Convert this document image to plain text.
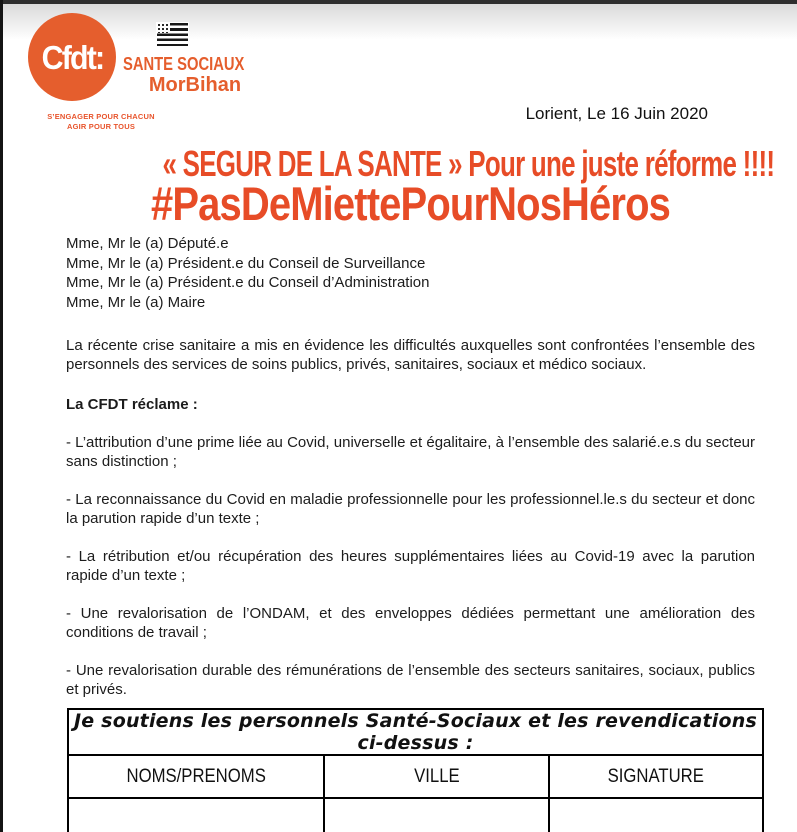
Cfdt: SANTE SOCIAUX
MorBihan
S’ENGAGER POUR CHACUN
AGIR POUR TOUS
Lorient, Le 16 Juin 2020
« SEGUR DE LA SANTE » Pour une juste réforme !!!!
#PasDeMiettePourNosHéros
Mme, Mr le (a) Député.e
Mme, Mr le (a) Président.e du Conseil de Surveillance
Mme, Mr le (a) Président.e du Conseil d’Administration
Mme, Mr le (a) Maire

La récente crise sanitaire a mis en évidence les difficultés auxquelles sont confrontées l’ensemble des personnels des services de soins publics, privés, sanitaires, sociaux et médico sociaux.

La CFDT réclame :

- L’attribution d’une prime liée au Covid, universelle et égalitaire, à l’ensemble des salarié.e.s du secteur sans distinction ;

- La reconnaissance du Covid en maladie professionnelle pour les professionnel.le.s du secteur et donc la parution rapide d’un texte ;

- La rétribution et/ou récupération des heures supplémentaires liées au Covid-19 avec la parution rapide d’un texte ;

- Une revalorisation de l’ONDAM, et des enveloppes dédiées permettant une amélioration des conditions de travail ;

- Une revalorisation durable des rémunérations de l’ensemble des secteurs sanitaires, sociaux, publics et privés.

Je soutiens les personnels Santé-Sociaux et les revendications ci-dessus :		
NOMS/PRENOMS	VILLE	SIGNATURE
